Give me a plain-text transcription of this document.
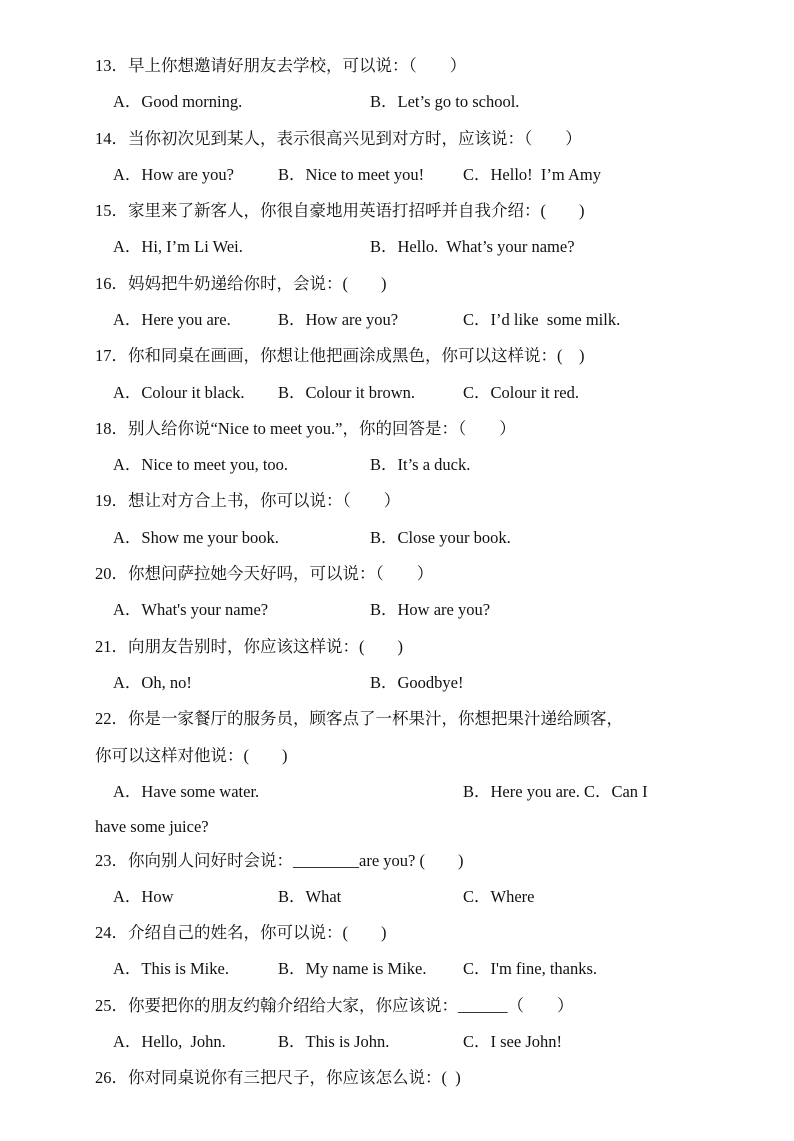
13．早上你想邀请好朋友去学校，可以说：（　　）

A．Good morning.

	B．Let’s go to school.

14．当你初次见到某人，表示很高兴见到对方时，应该说：（　　）

A．How are you?

	B．Nice to meet you!

C．Hello!  I’m Amy

15．家里来了新客人，你很自豪地用英语打招呼并自我介绍：(　　)

A．Hi, I’m Li Wei.

	B．Hello.  What’s your name?

16．妈妈把牛奶递给你时，会说：(　　)

A．Here you are.

	B．How are you?

	C．I’d like  some milk.

17．你和同桌在画画，你想让他把画涂成黑色，你可以这样说：(　)

A．Colour it black.

B．Colour it brown.

	C．Colour it red.

18．别人给你说“Nice to meet you.”，你的回答是：（　　）

A．Nice to meet you, too.

	B．It’s a duck.

19．想让对方合上书，你可以说：（　　）

A．Show me your book.

	B．Close your book.

20．你想问萨拉她今天好吗，可以说：（　　）

A．What's your name?

	B．How are you?

21．向朋友告别时，你应该这样说：(　　)

A．Oh, no!

	B．Goodbye!

22．你是一家餐厅的服务员，顾客点了一杯果汁，你想把果汁递给顾客，
你可以这样对他说：(　　)

A．Have some water.

	B．Here you are. C．Can I

have some juice?
23．你向别人问好时会说：________are you? (　　)

A．How

	B．What

	C．Where

24．介绍自己的姓名，你可以说：(　　)

A．This is Mike.

	B．My name is Mike.

C．I'm fine, thanks.

25．你要把你的朋友约翰介绍给大家，你应该说：______（　　）

A．Hello,  John.

	B．This is John.

	C．I see John!

26．你对同桌说你有三把尺子，你应该怎么说：(  )
